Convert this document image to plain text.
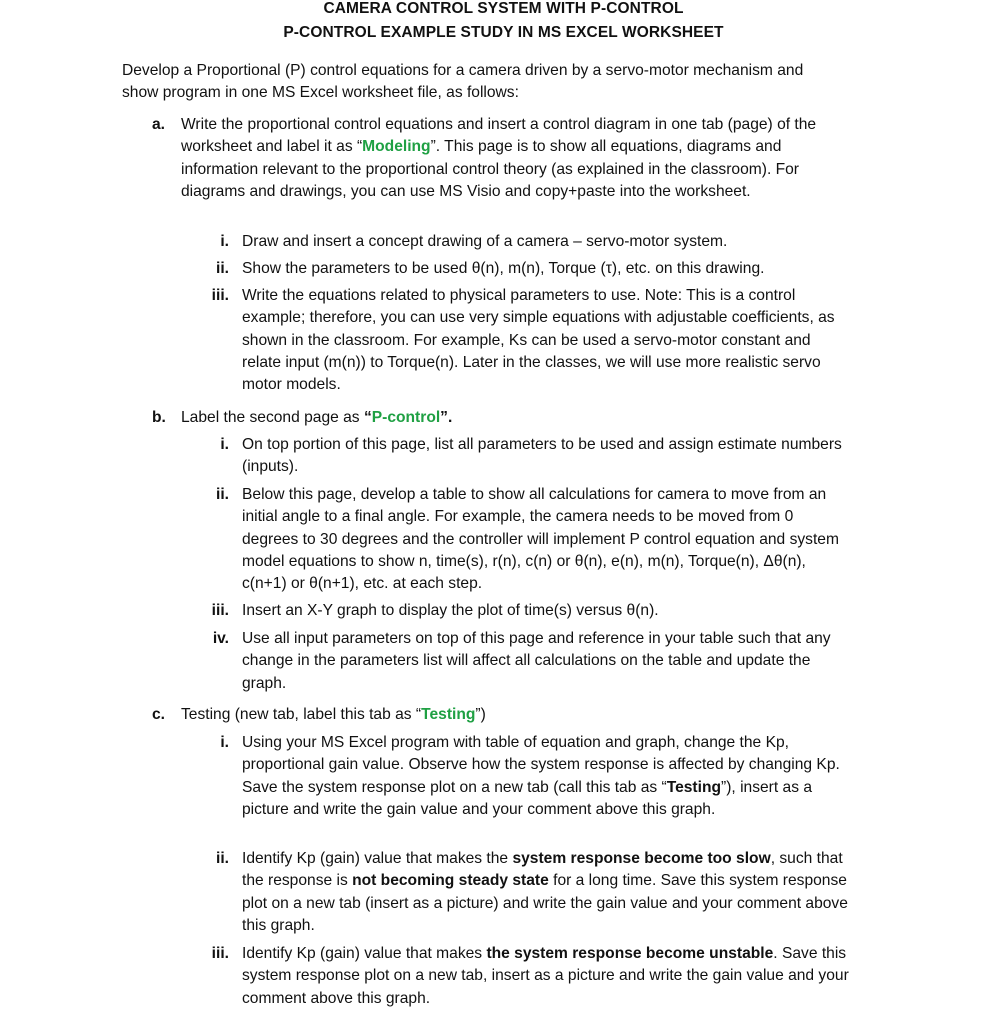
CAMERA CONTROL SYSTEM WITH P-CONTROL
P-CONTROL EXAMPLE STUDY IN MS EXCEL WORKSHEET
Develop a Proportional (P) control equations for a camera driven by a servo-motor mechanism and show program in one MS Excel worksheet file, as follows:
a. Write the proportional control equations and insert a control diagram in one tab (page) of the worksheet and label it as “Modeling”. This page is to show all equations, diagrams and information relevant to the proportional control theory (as explained in the classroom). For diagrams and drawings, you can use MS Visio and copy+paste into the worksheet.
i. Draw and insert a concept drawing of a camera – servo-motor system.
ii. Show the parameters to be used θ(n), m(n), Torque (τ), etc. on this drawing.
iii. Write the equations related to physical parameters to use. Note: This is a control example; therefore, you can use very simple equations with adjustable coefficients, as shown in the classroom. For example, Ks can be used a servo-motor constant and relate input (m(n)) to Torque(n). Later in the classes, we will use more realistic servo motor models.
b. Label the second page as “P-control”.
i. On top portion of this page, list all parameters to be used and assign estimate numbers (inputs).
ii. Below this page, develop a table to show all calculations for camera to move from an initial angle to a final angle. For example, the camera needs to be moved from 0 degrees to 30 degrees and the controller will implement P control equation and system model equations to show n, time(s), r(n), c(n) or θ(n), e(n), m(n), Torque(n), Δθ(n), c(n+1) or θ(n+1), etc. at each step.
iii. Insert an X-Y graph to display the plot of time(s) versus θ(n).
iv. Use all input parameters on top of this page and reference in your table such that any change in the parameters list will affect all calculations on the table and update the graph.
c. Testing (new tab, label this tab as “Testing”)
i. Using your MS Excel program with table of equation and graph, change the Kp, proportional gain value. Observe how the system response is affected by changing Kp. Save the system response plot on a new tab (call this tab as “Testing”), insert as a picture and write the gain value and your comment above this graph.
ii. Identify Kp (gain) value that makes the system response become too slow, such that the response is not becoming steady state for a long time. Save this system response plot on a new tab (insert as a picture) and write the gain value and your comment above this graph.
iii. Identify Kp (gain) value that makes the system response become unstable. Save this system response plot on a new tab, insert as a picture and write the gain value and your comment above this graph.
